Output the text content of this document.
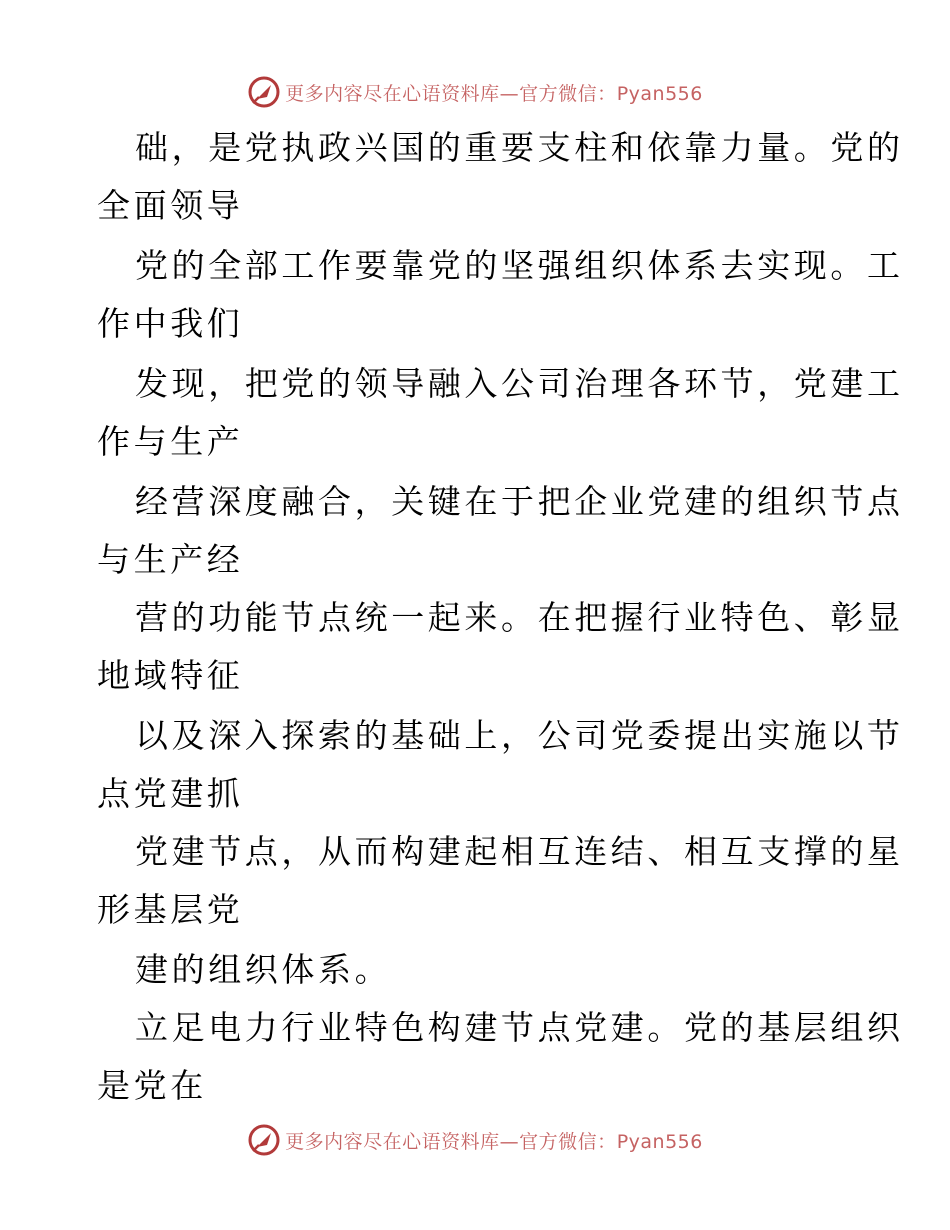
更多内容尽在心语资料库—官方微信：Pyan556
础，是党执政兴国的重要支柱和依靠力量。党的
全面领导
党的全部工作要靠党的坚强组织体系去实现。工
作中我们
发现，把党的领导融入公司治理各环节，党建工
作与生产
经营深度融合，关键在于把企业党建的组织节点
与生产经
营的功能节点统一起来。在把握行业特色、彰显
地域特征
以及深入探索的基础上，公司党委提出实施以节
点党建抓
党建节点，从而构建起相互连结、相互支撑的星
形基层党
建的组织体系。
立足电力行业特色构建节点党建。党的基层组织
是党在
更多内容尽在心语资料库—官方微信：Pyan556
